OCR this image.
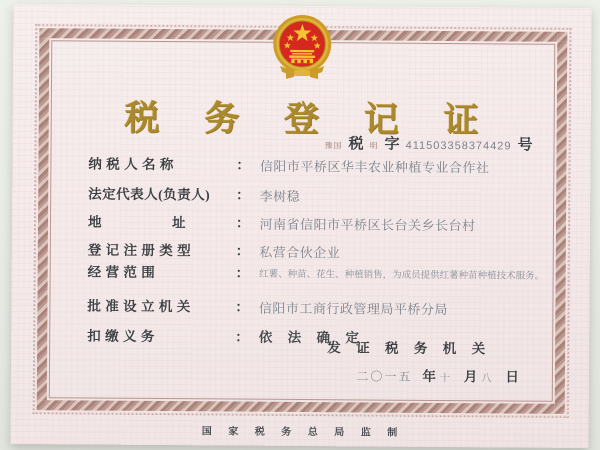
税 务 登 记 证
豫国 税 明 字 411503358374429 号
纳 税 人 名 称	： 信阳市平桥区华丰农业种植专业合作社
法定代表人(负责人)	： 李树稳
地　　　　　址	： 河南省信阳市平桥区长台关乡长台村
登 记 注 册 类 型	： 私营合伙企业
经 营 范 围	： 红薯、种苗、花生、种植销售，为成员提供红薯种苗种植技术服务。
批 准 设 立 机 关	： 信阳市工商行政管理局平桥分局
扣 缴 义 务	： 依 法 确 定
发 证 税 务 机 关
二〇一五 年 十 月 八 日
国 家 税 务 总 局 监 制
